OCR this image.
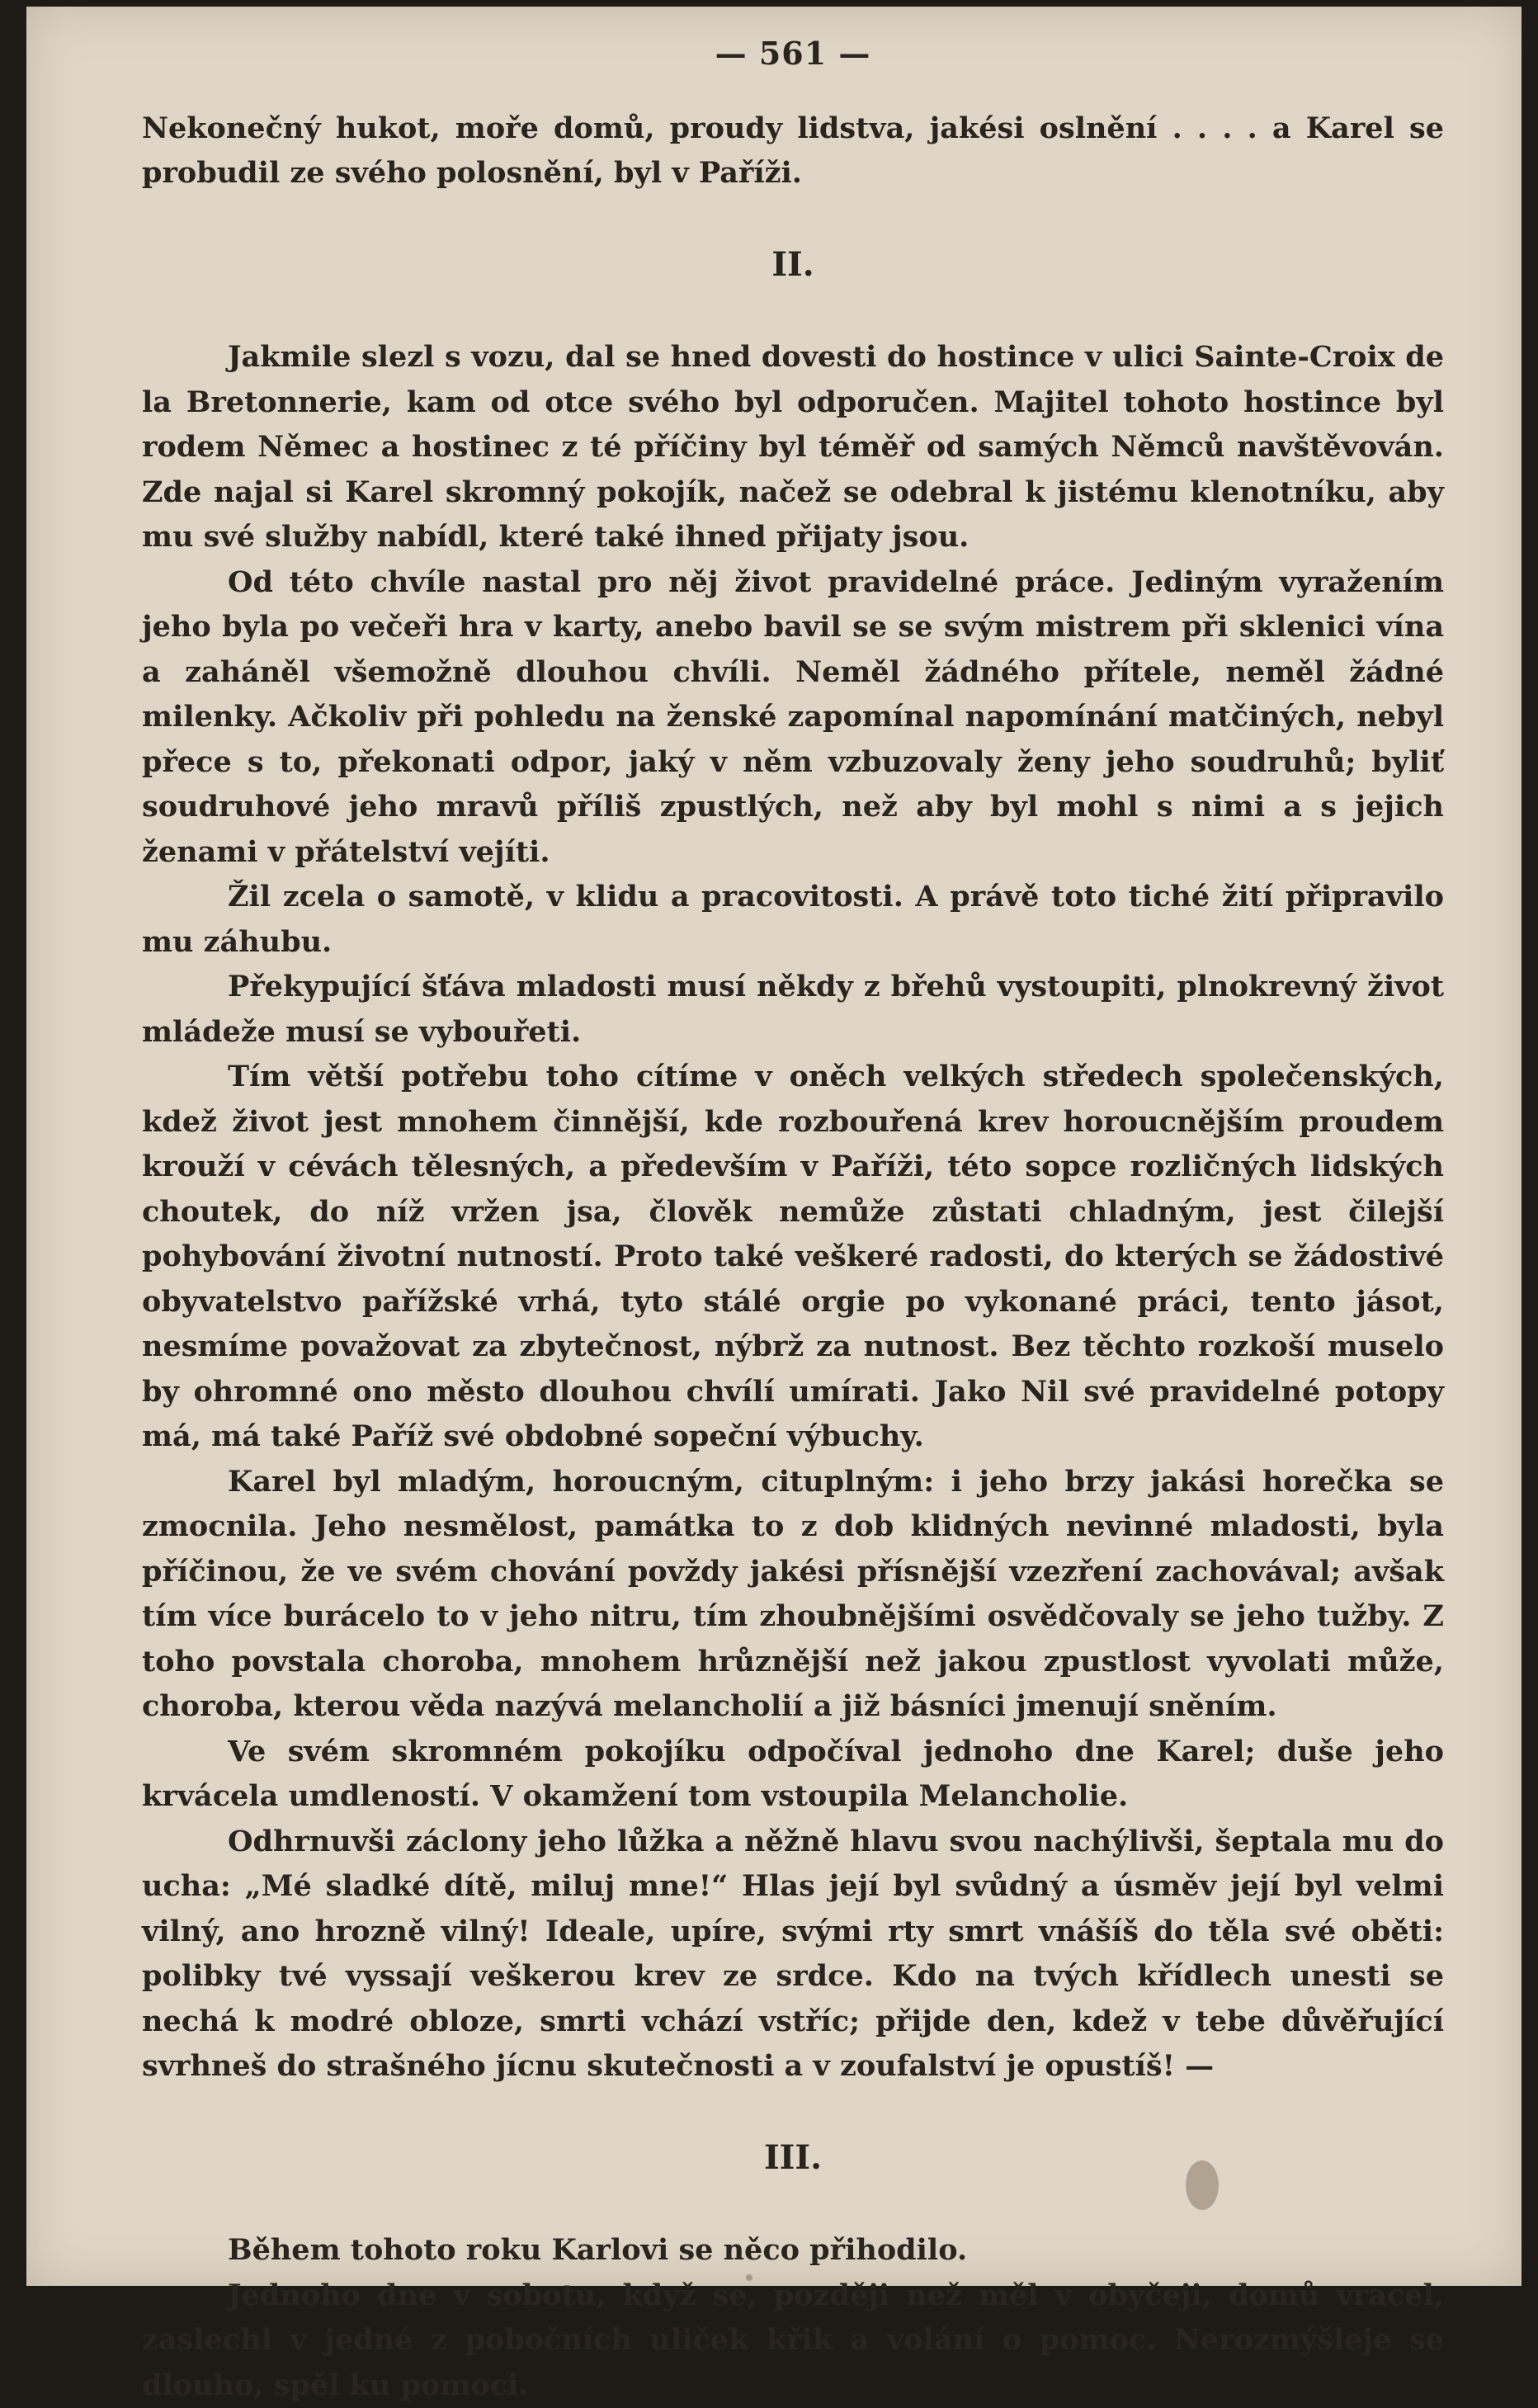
— 561 —

Nekonečný hukot, moře domů, proudy lidstva, jakési oslnění . . . . a Karel se probudil ze svého polosnění, byl v Paříži.

II.

Jakmile slezl s vozu, dal se hned dovesti do hostince v ulici Sainte-Croix de la Bretonnerie, kam od otce svého byl odporučen. Majitel tohoto hostince byl rodem Němec a hostinec z té příčiny byl téměř od samých Němců navštěvován. Zde najal si Karel skromný pokojík, načež se odebral k jistému klenotníku, aby mu své služby nabídl, které také ihned přijaty jsou.

Od této chvíle nastal pro něj život pravidelné práce. Jediným vyražením jeho byla po večeři hra v karty, anebo bavil se se svým mistrem při sklenici vína a zaháněl všemožně dlouhou chvíli. Neměl žádného přítele, neměl žádné milenky. Ačkoliv při pohledu na ženské zapomínal napomínání matčiných, nebyl přece s to, překonati odpor, jaký v něm vzbuzovaly ženy jeho soudruhů; byliť soudruhové jeho mravů příliš zpustlých, než aby byl mohl s nimi a s jejich ženami v přátelství vejíti.

Žil zcela o samotě, v klidu a pracovitosti. A právě toto tiché žití připravilo mu záhubu.

Překypující šťáva mladosti musí někdy z břehů vystoupiti, plnokrevný život mládeže musí se vybouřeti.

Tím větší potřebu toho cítíme v oněch velkých středech společenských, kdež život jest mnohem činnější, kde rozbouřená krev horoucnějším proudem krouží v cévách tělesných, a především v Paříži, této sopce rozličných lidských choutek, do níž vržen jsa, člověk nemůže zůstati chladným, jest čilejší pohybování životní nutností. Proto také veškeré radosti, do kterých se žádostivé obyvatelstvo pařížské vrhá, tyto stálé orgie po vykonané práci, tento jásot, nesmíme považovat za zbytečnost, nýbrž za nutnost. Bez těchto rozkoší muselo by ohromné ono město dlouhou chvílí umírati. Jako Nil své pravidelné potopy má, má také Paříž své obdobné sopeční výbuchy.

Karel byl mladým, horoucným, cituplným: i jeho brzy jakási horečka se zmocnila. Jeho nesmělost, památka to z dob klidných nevinné mladosti, byla příčinou, že ve svém chování povždy jakési přísnější vzezření zachovával; avšak tím více burácelo to v jeho nitru, tím zhoubnějšími osvědčovaly se jeho tužby. Z toho povstala choroba, mnohem hrůznější než jakou zpustlost vyvolati může, choroba, kterou věda nazývá melancholií a již básníci jmenují sněním.

Ve svém skromném pokojíku odpočíval jednoho dne Karel; duše jeho krvácela umdleností. V okamžení tom vstoupila Melancholie.

Odhrnuvši záclony jeho lůžka a něžně hlavu svou nachýlivši, šeptala mu do ucha: „Mé sladké dítě, miluj mne!“ Hlas její byl svůdný a úsměv její byl velmi vilný, ano hrozně vilný! Ideale, upíre, svými rty smrt vnášíš do těla své oběti: polibky tvé vyssají veškerou krev ze srdce. Kdo na tvých křídlech unesti se nechá k modré obloze, smrti vchází vstříc; přijde den, kdež v tebe důvěřující svrhneš do strašného jícnu skutečnosti a v zoufalství je opustíš! —

III.

Během tohoto roku Karlovi se něco přihodilo.

Jednoho dne v sobotu, když se, později než měl v obyčeji, domů vracel, zaslechl v jedné z pobočních uliček křik a volání o pomoc. Nerozmýšleje se dlouho, spěl ku pomoci.
